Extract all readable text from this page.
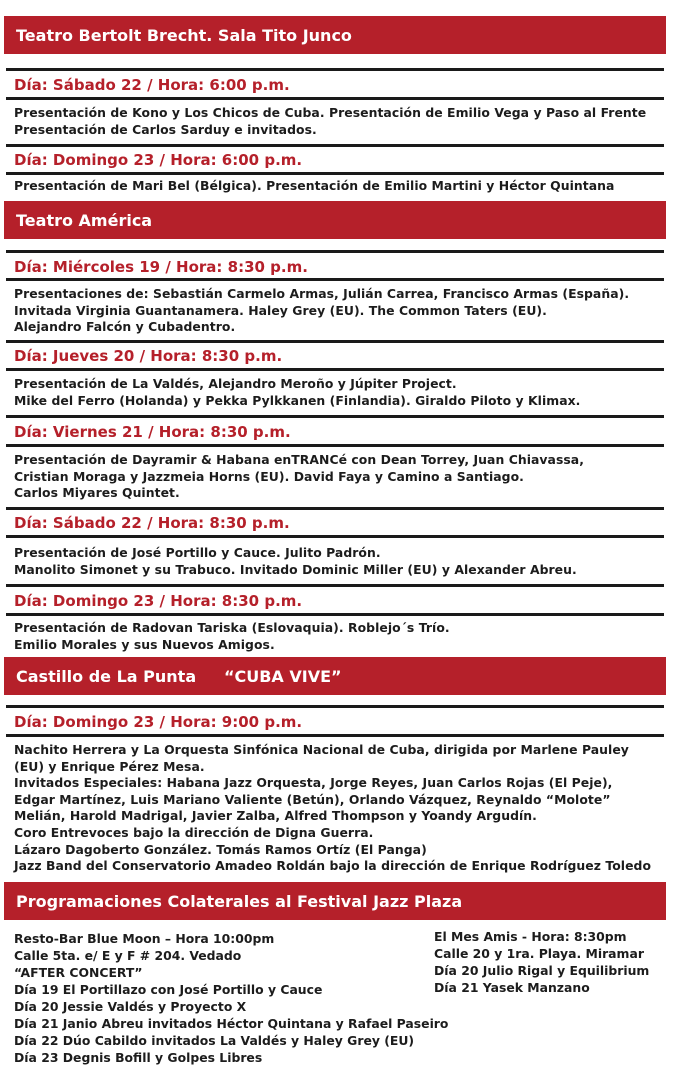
Teatro Bertolt Brecht. Sala Tito Junco
Día: Sábado 22 / Hora: 6:00 p.m.
Presentación de Kono y Los Chicos de Cuba. Presentación de Emilio Vega y Paso al Frente
Presentación de Carlos Sarduy e invitados.
Día: Domingo 23 / Hora: 6:00 p.m.
Presentación de Mari Bel (Bélgica). Presentación de Emilio Martini y Héctor Quintana
Teatro América
Día: Miércoles 19 / Hora: 8:30 p.m.
Presentaciones de: Sebastián Carmelo Armas, Julián Carrea, Francisco Armas (España).
Invitada Virginia Guantanamera. Haley Grey (EU). The Common Taters (EU).
Alejandro Falcón y Cubadentro.
Día: Jueves 20 / Hora: 8:30 p.m.
Presentación de La Valdés, Alejandro Meroño y Júpiter Project.
Mike del Ferro (Holanda) y Pekka Pylkkanen (Finlandia). Giraldo Piloto y Klimax.
Día: Viernes 21 / Hora: 8:30 p.m.
Presentación de Dayramir & Habana enTRANCé con Dean Torrey, Juan Chiavassa,
Cristian Moraga y Jazzmeia Horns (EU). David Faya y Camino a Santiago.
Carlos Miyares Quintet.
Día: Sábado 22 / Hora: 8:30 p.m.
Presentación de José Portillo y Cauce. Julito Padrón.
Manolito Simonet y su Trabuco. Invitado Dominic Miller (EU) y Alexander Abreu.
Día: Domingo 23 / Hora: 8:30 p.m.
Presentación de Radovan Tariska (Eslovaquia). Roblejo´s Trío.
Emilio Morales y sus Nuevos Amigos.
Castillo de La Punta     “CUBA VIVE”
Día: Domingo 23 / Hora: 9:00 p.m.
Nachito Herrera y La Orquesta Sinfónica Nacional de Cuba, dirigida por Marlene Pauley
(EU) y Enrique Pérez Mesa.
Invitados Especiales: Habana Jazz Orquesta, Jorge Reyes, Juan Carlos Rojas (El Peje),
Edgar Martínez, Luis Mariano Valiente (Betún), Orlando Vázquez, Reynaldo “Molote”
Melián, Harold Madrigal, Javier Zalba, Alfred Thompson y Yoandy Argudín.
Coro Entrevoces bajo la dirección de Digna Guerra.
Lázaro Dagoberto González. Tomás Ramos Ortíz (El Panga)
Jazz Band del Conservatorio Amadeo Roldán bajo la dirección de Enrique Rodríguez Toledo
Programaciones Colaterales al Festival Jazz Plaza
Resto-Bar Blue Moon – Hora 10:00pm
Calle 5ta. e/ E y F # 204. Vedado
“AFTER CONCERT”
Día 19 El Portillazo con José Portillo y Cauce
Día 20 Jessie Valdés y Proyecto X
Día 21 Janio Abreu invitados Héctor Quintana y Rafael Paseiro
Día 22 Dúo Cabildo invitados La Valdés y Haley Grey (EU)
Día 23 Degnis Bofill y Golpes Libres
El Mes Amis - Hora: 8:30pm
Calle 20 y 1ra. Playa. Miramar
Día 20 Julio Rigal y Equilibrium
Día 21 Yasek Manzano
